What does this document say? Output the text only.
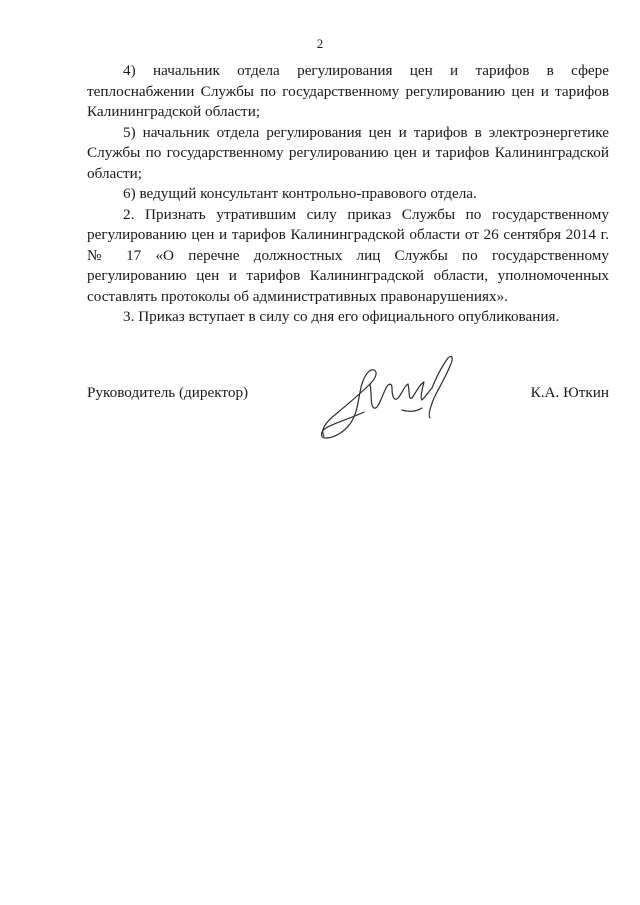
2

4) начальник отдела регулирования цен и тарифов в сфере теплоснабжении Службы по государственному регулированию цен и тарифов Калининградской области;

5) начальник отдела регулирования цен и тарифов в электроэнергетике Службы по государственному регулированию цен и тарифов Калининградской области;

6) ведущий консультант контрольно-правового отдела.

2. Признать утратившим силу приказ Службы по государственному регулированию цен и тарифов Калининградской области от 26 сентября 2014 г. № 17 «О перечне должностных лиц Службы по государственному регулированию цен и тарифов Калининградской области, уполномоченных составлять протоколы об административных правонарушениях».

3. Приказ вступает в силу со дня его официального опубликования.

Руководитель (директор)	К.А. Юткин
